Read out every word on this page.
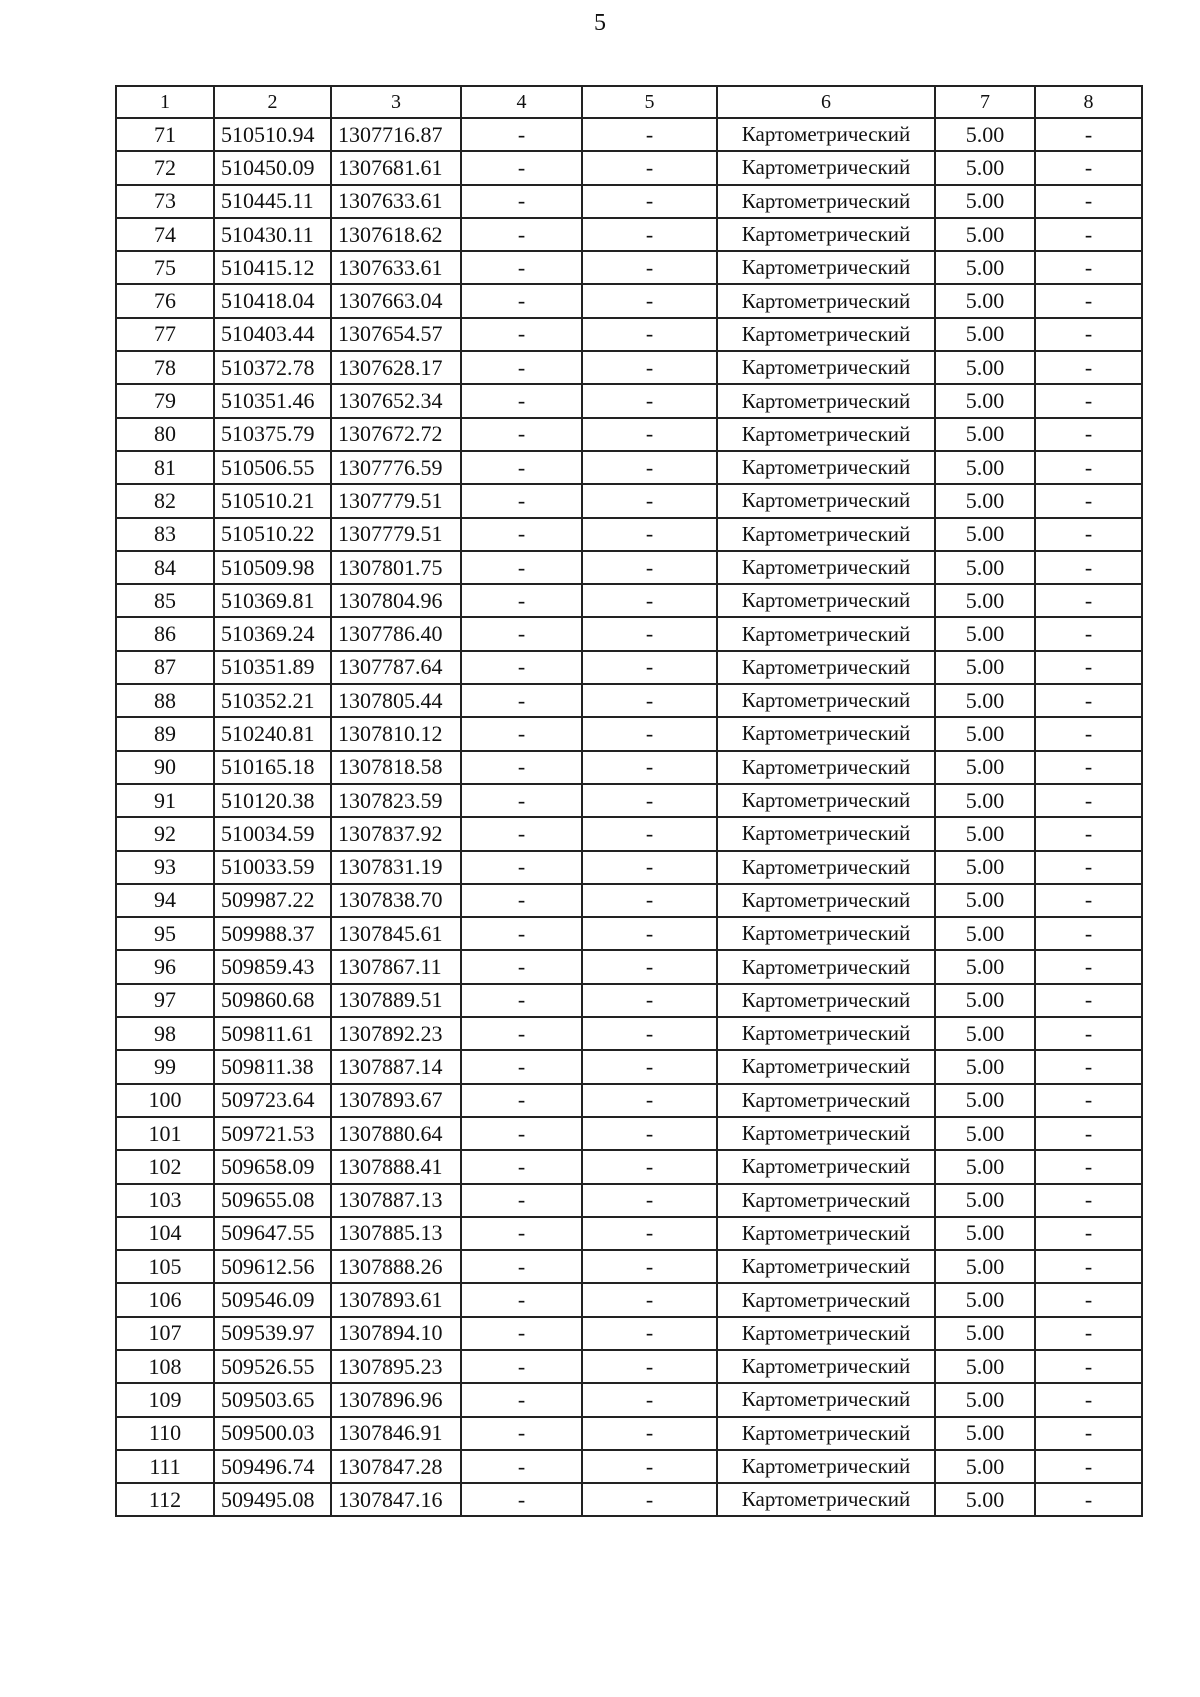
5
1	2	3	4	5	6	7	8
71	510510.94	1307716.87	-	-	Картометрический	5.00	-
72	510450.09	1307681.61	-	-	Картометрический	5.00	-
73	510445.11	1307633.61	-	-	Картометрический	5.00	-
74	510430.11	1307618.62	-	-	Картометрический	5.00	-
75	510415.12	1307633.61	-	-	Картометрический	5.00	-
76	510418.04	1307663.04	-	-	Картометрический	5.00	-
77	510403.44	1307654.57	-	-	Картометрический	5.00	-
78	510372.78	1307628.17	-	-	Картометрический	5.00	-
79	510351.46	1307652.34	-	-	Картометрический	5.00	-
80	510375.79	1307672.72	-	-	Картометрический	5.00	-
81	510506.55	1307776.59	-	-	Картометрический	5.00	-
82	510510.21	1307779.51	-	-	Картометрический	5.00	-
83	510510.22	1307779.51	-	-	Картометрический	5.00	-
84	510509.98	1307801.75	-	-	Картометрический	5.00	-
85	510369.81	1307804.96	-	-	Картометрический	5.00	-
86	510369.24	1307786.40	-	-	Картометрический	5.00	-
87	510351.89	1307787.64	-	-	Картометрический	5.00	-
88	510352.21	1307805.44	-	-	Картометрический	5.00	-
89	510240.81	1307810.12	-	-	Картометрический	5.00	-
90	510165.18	1307818.58	-	-	Картометрический	5.00	-
91	510120.38	1307823.59	-	-	Картометрический	5.00	-
92	510034.59	1307837.92	-	-	Картометрический	5.00	-
93	510033.59	1307831.19	-	-	Картометрический	5.00	-
94	509987.22	1307838.70	-	-	Картометрический	5.00	-
95	509988.37	1307845.61	-	-	Картометрический	5.00	-
96	509859.43	1307867.11	-	-	Картометрический	5.00	-
97	509860.68	1307889.51	-	-	Картометрический	5.00	-
98	509811.61	1307892.23	-	-	Картометрический	5.00	-
99	509811.38	1307887.14	-	-	Картометрический	5.00	-
100	509723.64	1307893.67	-	-	Картометрический	5.00	-
101	509721.53	1307880.64	-	-	Картометрический	5.00	-
102	509658.09	1307888.41	-	-	Картометрический	5.00	-
103	509655.08	1307887.13	-	-	Картометрический	5.00	-
104	509647.55	1307885.13	-	-	Картометрический	5.00	-
105	509612.56	1307888.26	-	-	Картометрический	5.00	-
106	509546.09	1307893.61	-	-	Картометрический	5.00	-
107	509539.97	1307894.10	-	-	Картометрический	5.00	-
108	509526.55	1307895.23	-	-	Картометрический	5.00	-
109	509503.65	1307896.96	-	-	Картометрический	5.00	-
110	509500.03	1307846.91	-	-	Картометрический	5.00	-
111	509496.74	1307847.28	-	-	Картометрический	5.00	-
112	509495.08	1307847.16	-	-	Картометрический	5.00	-
